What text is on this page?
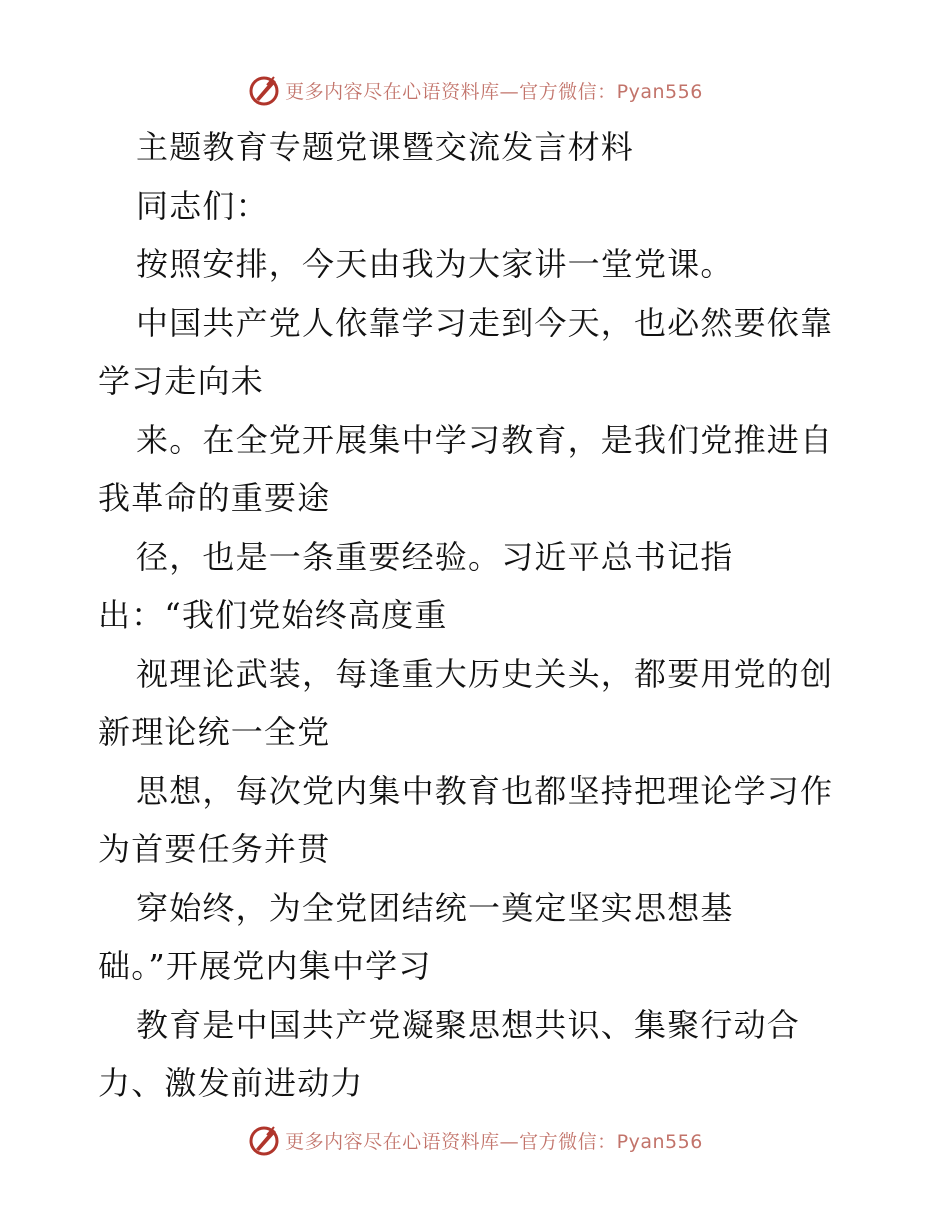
更多内容尽在心语资料库—官方微信：Pyan556
主题教育专题党课暨交流发言材料
同志们：
按照安排，今天由我为大家讲一堂党课。
中国共产党人依靠学习走到今天，也必然要依靠
学习走向未
来。在全党开展集中学习教育，是我们党推进自
我革命的重要途
径，也是一条重要经验。习近平总书记指
出：“我们党始终高度重
视理论武装，每逢重大历史关头，都要用党的创
新理论统一全党
思想，每次党内集中教育也都坚持把理论学习作
为首要任务并贯
穿始终，为全党团结统一奠定坚实思想基
础。”开展党内集中学习
教育是中国共产党凝聚思想共识、集聚行动合
力、激发前进动力
更多内容尽在心语资料库—官方微信：Pyan556
